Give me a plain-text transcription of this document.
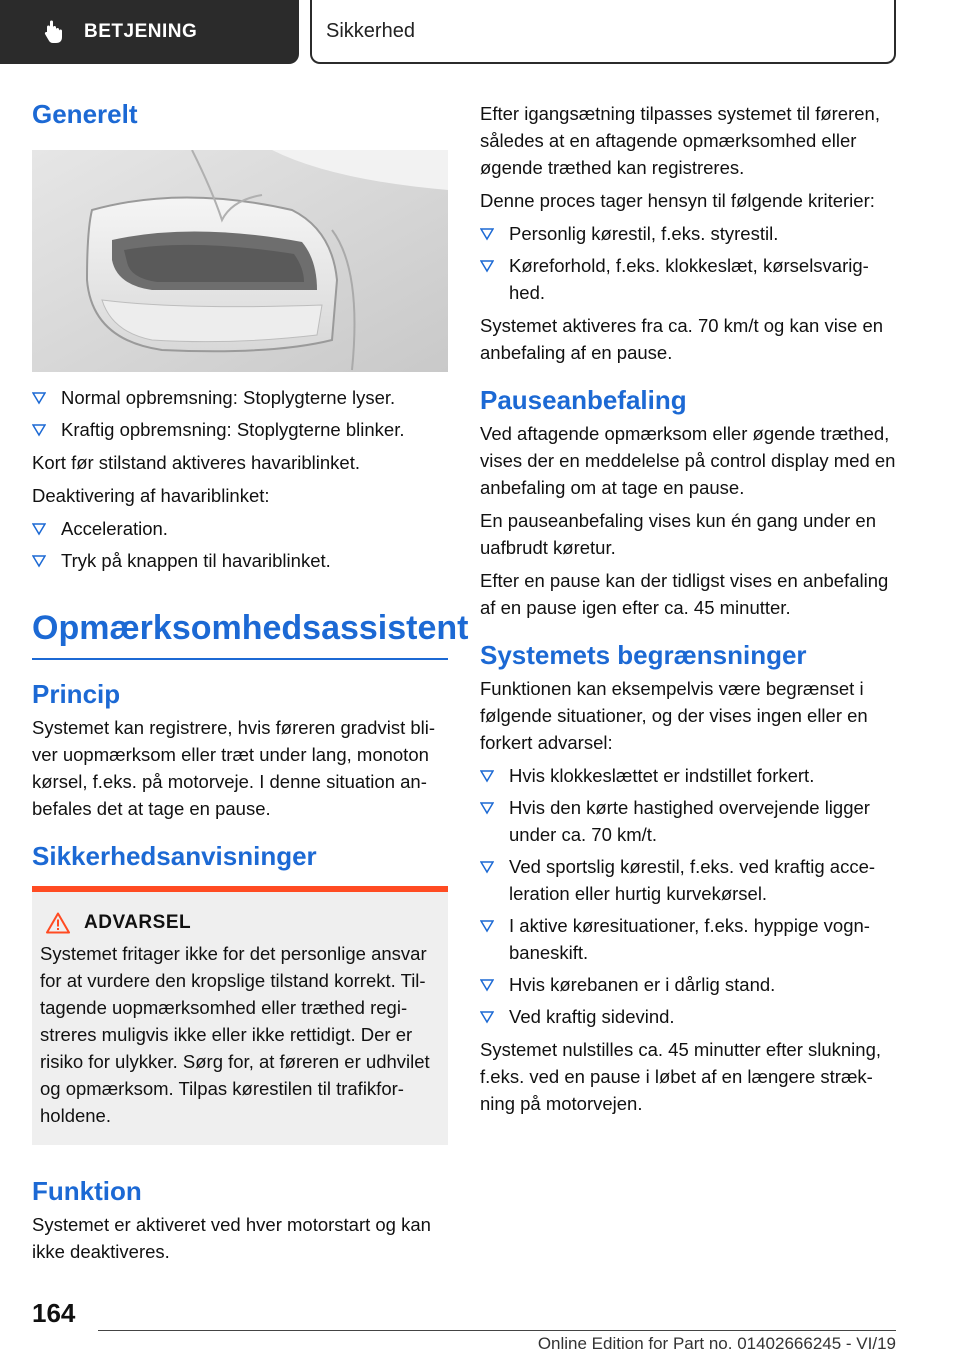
BETJENING	Sikkerhed
Generelt
Normal opbremsning: Stoplygterne lyser.
Kraftig opbremsning: Stoplygterne blinker.

Kort før stilstand aktiveres havariblinket.

Deaktivering af havariblinket:

Acceleration.
Tryk på knappen til havariblinket.
Opmærksomhedsassistent
Princip

Systemet kan registrere, hvis føreren gradvist bliver uopmærksom eller træt under lang, monoton kørsel, f.eks. på motorveje. I denne situation anbefales det at tage en pause.

Sikkerhedsanvisninger
ADVARSEL

Systemet fritager ikke for det personlige ansvar for at vurdere den kropslige tilstand korrekt. Tiltagende uopmærksomhed eller træthed registreres muligvis ikke eller ikke rettidigt. Der er risiko for ulykker. Sørg for, at føreren er udhvilet og opmærksom. Tilpas kørestilen til trafikforholdene.

Funktion

Systemet er aktiveret ved hver motorstart og kan ikke deaktiveres.

Efter igangsætning tilpasses systemet til føreren, således at en aftagende opmærksomhed eller øgende træthed kan registreres.

Denne proces tager hensyn til følgende kriterier:

Personlig kørestil, f.eks. styrestil.
Køreforhold, f.eks. klokkeslæt, kørselsvarighed.

Systemet aktiveres fra ca. 70 km/t og kan vise en anbefaling af en pause.

Pauseanbefaling

Ved aftagende opmærksom eller øgende træthed, vises der en meddelelse på control display med en anbefaling om at tage en pause.

En pauseanbefaling vises kun én gang under en uafbrudt køretur.

Efter en pause kan der tidligst vises en anbefaling af en pause igen efter ca. 45 minutter.

Systemets begrænsninger

Funktionen kan eksempelvis være begrænset i følgende situationer, og der vises ingen eller en forkert advarsel:

Hvis klokkeslættet er indstillet forkert.
Hvis den kørte hastighed overvejende ligger under ca. 70 km/t.
Ved sportslig kørestil, f.eks. ved kraftig acceleration eller hurtig kurvekørsel.
I aktive køresituationer, f.eks. hyppige vognbaneskift.
Hvis kørebanen er i dårlig stand.
Ved kraftig sidevind.

Systemet nulstilles ca. 45 minutter efter slukning, f.eks. ved en pause i løbet af en længere strækning på motorvejen.

164
Online Edition for Part no. 01402666245 - VI/19
